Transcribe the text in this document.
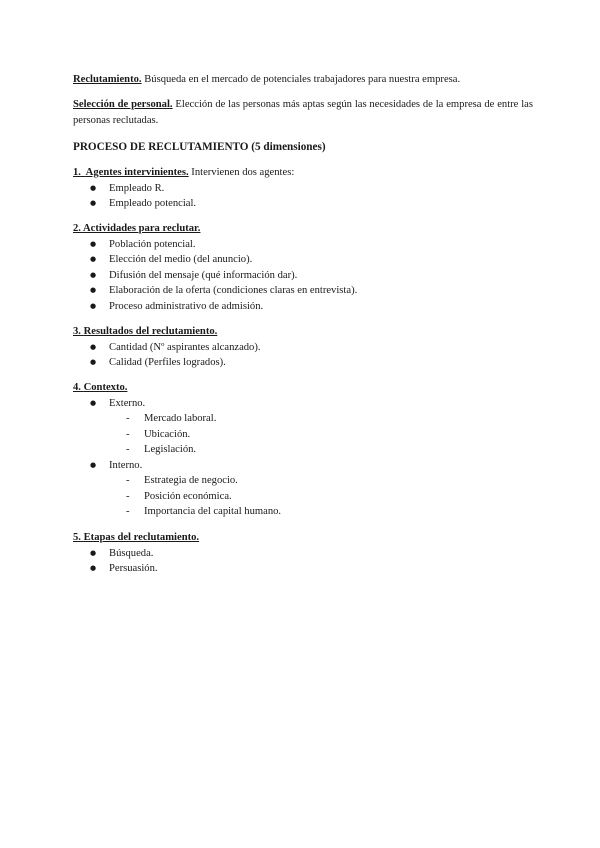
Reclutamiento. Búsqueda en el mercado de potenciales trabajadores para nuestra empresa.

Selección de personal. Elección de las personas más aptas según las necesidades de la empresa de entre las personas reclutadas.

PROCESO DE RECLUTAMIENTO (5 dimensiones)

1. Agentes intervinientes. Intervienen dos agentes:

● Empleado R.
● Empleado potencial.

2. Actividades para reclutar.

● Población potencial.
● Elección del medio (del anuncio).
● Difusión del mensaje (qué información dar).
● Elaboración de la oferta (condiciones claras en entrevista).
● Proceso administrativo de admisión.

3. Resultados del reclutamiento.

● Cantidad (Nº aspirantes alcanzado).
● Calidad (Perfiles logrados).

4. Contexto.

● Externo.
- Mercado laboral.
- Ubicación.
- Legislación.
● Interno.
- Estrategia de negocio.
- Posición económica.
- Importancia del capital humano.

5. Etapas del reclutamiento.

● Búsqueda.
● Persuasión.
